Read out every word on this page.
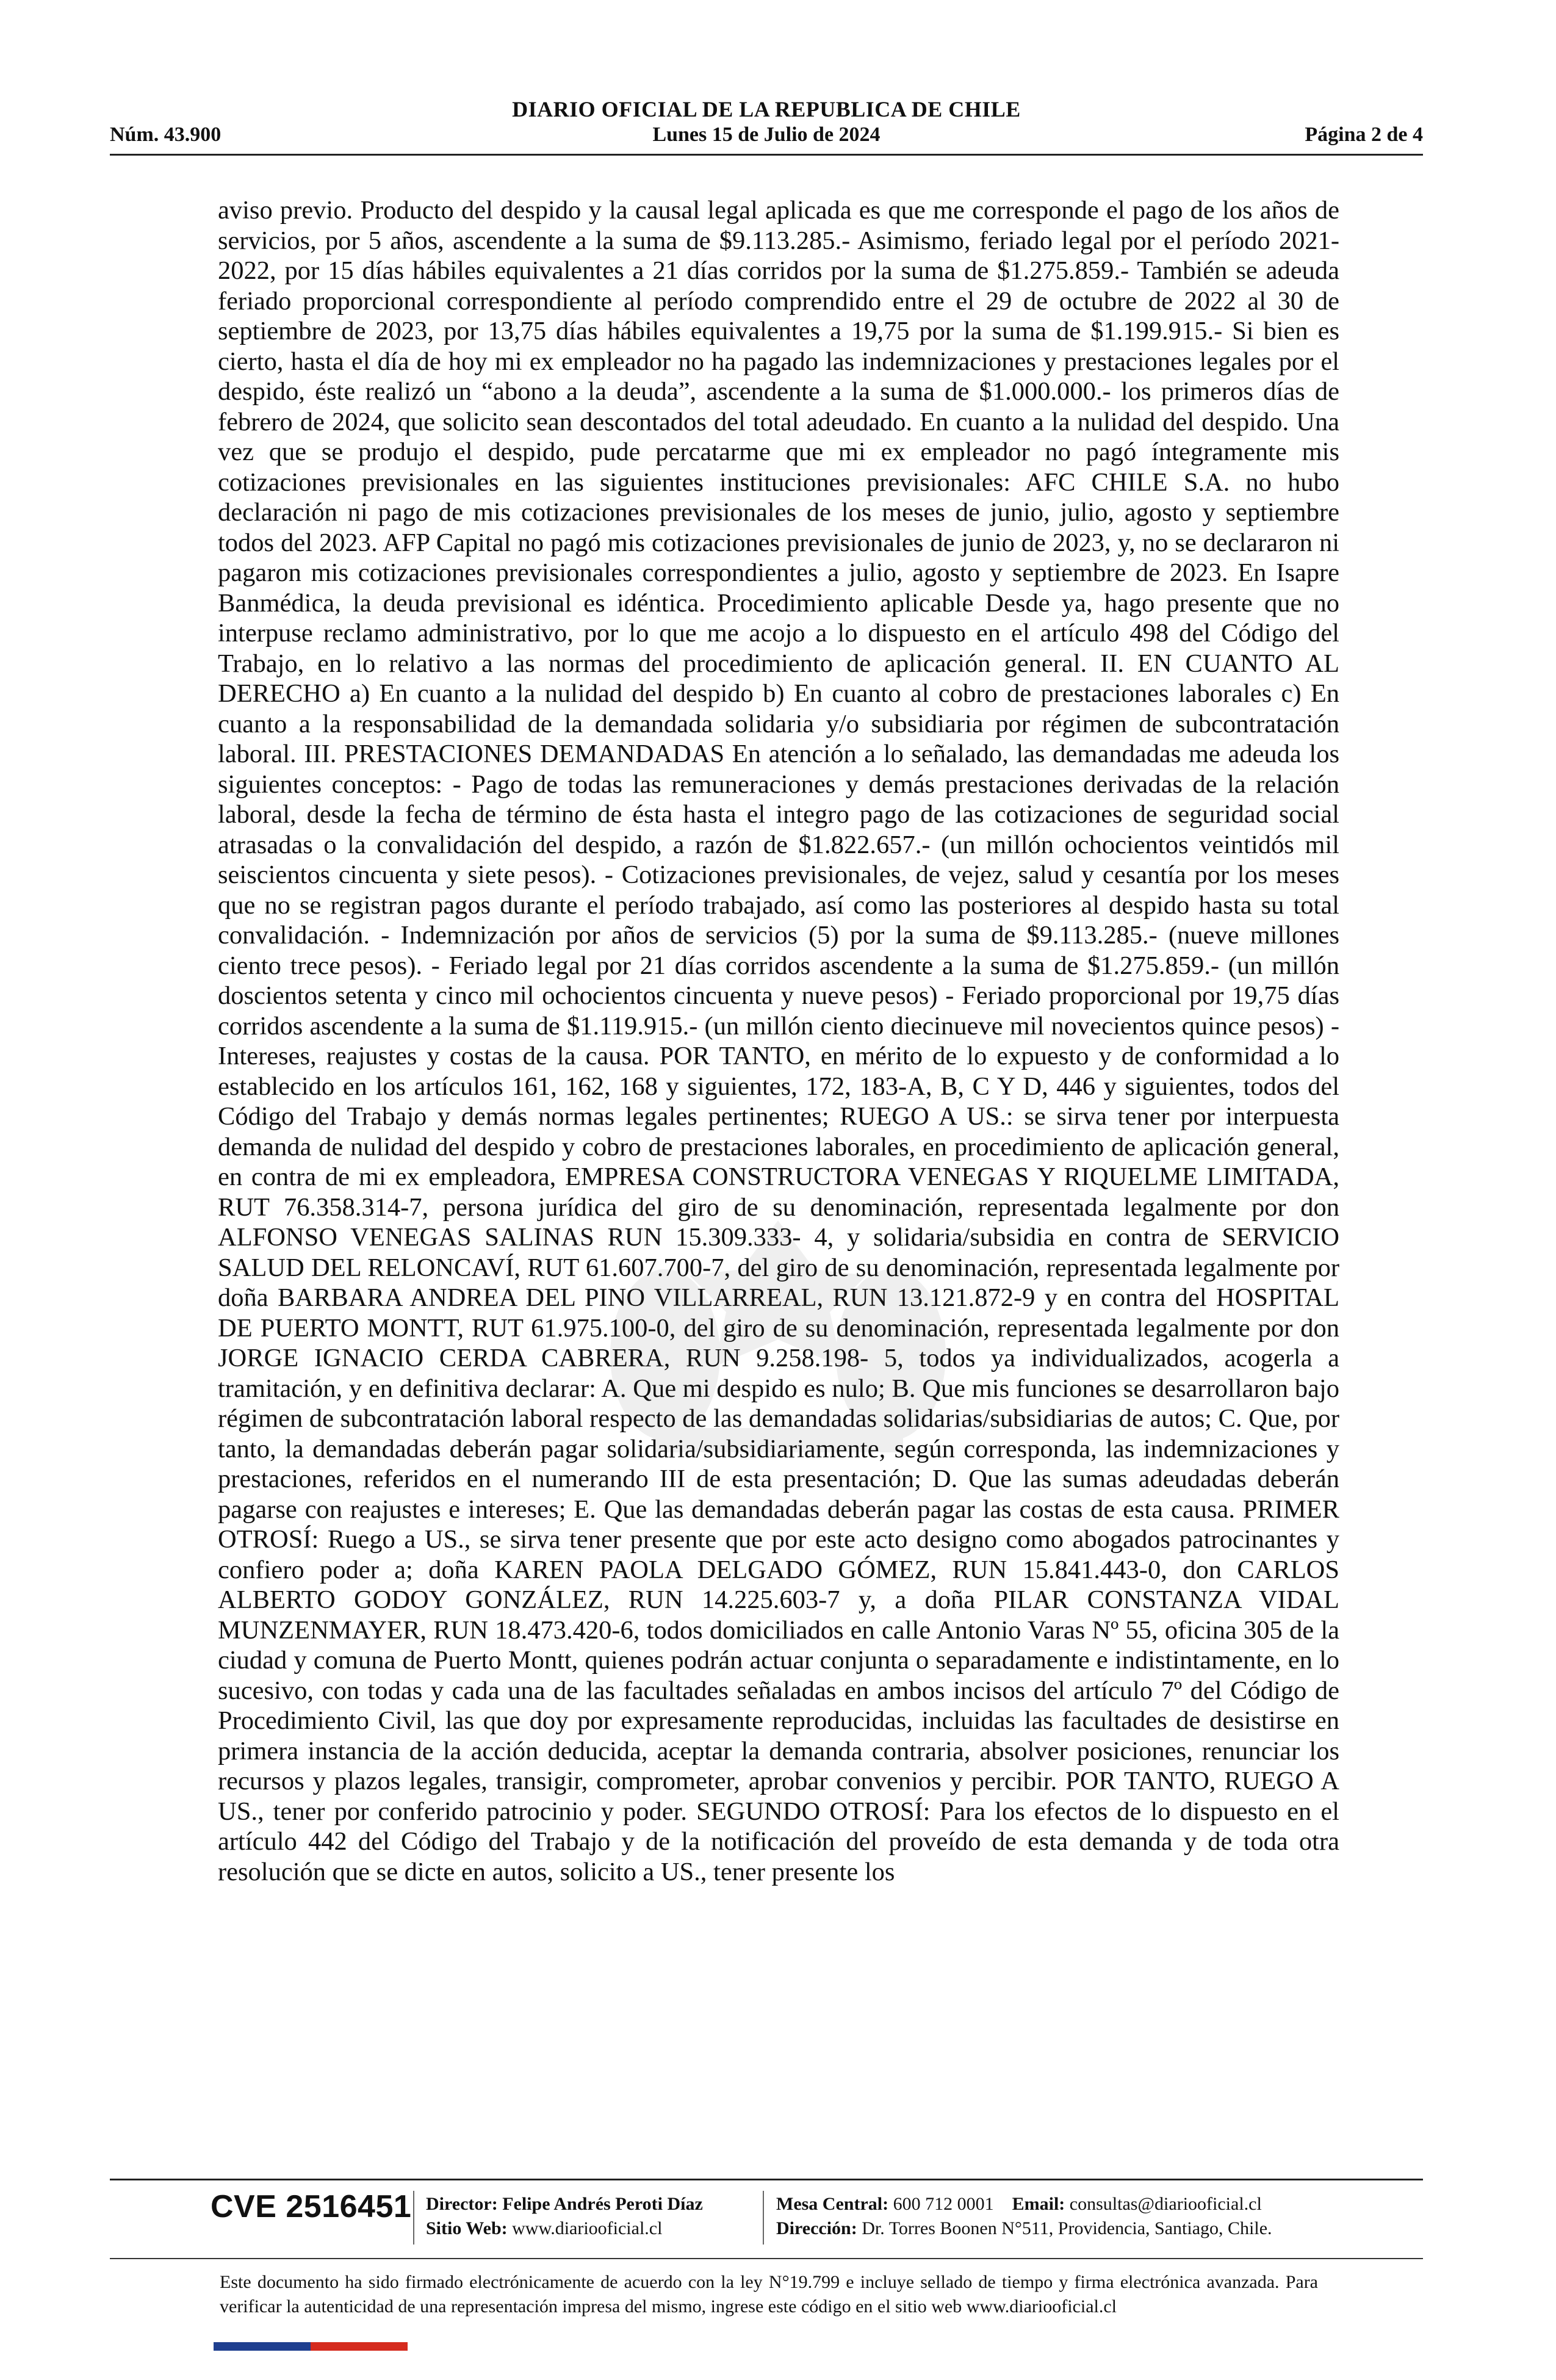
DIARIO OFICIAL DE LA REPUBLICA DE CHILE
Núm. 43.900	Lunes 15 de Julio de 2024	Página 2 de 4
aviso previo. Producto del despido y la causal legal aplicada es que me corresponde el pago de los años de servicios, por 5 años, ascendente a la suma de $9.113.285.- Asimismo, feriado legal por el período 2021-2022, por 15 días hábiles equivalentes a 21 días corridos por la suma de $1.275.859.- También se adeuda feriado proporcional correspondiente al período comprendido entre el 29 de octubre de 2022 al 30 de septiembre de 2023, por 13,75 días hábiles equivalentes a 19,75 por la suma de $1.199.915.- Si bien es cierto, hasta el día de hoy mi ex empleador no ha pagado las indemnizaciones y prestaciones legales por el despido, éste realizó un “abono a la deuda”, ascendente a la suma de $1.000.000.- los primeros días de febrero de 2024, que solicito sean descontados del total adeudado. En cuanto a la nulidad del despido. Una vez que se produjo el despido, pude percatarme que mi ex empleador no pagó íntegramente mis cotizaciones previsionales en las siguientes instituciones previsionales: AFC CHILE S.A. no hubo declaración ni pago de mis cotizaciones previsionales de los meses de junio, julio, agosto y septiembre todos del 2023. AFP Capital no pagó mis cotizaciones previsionales de junio de 2023, y, no se declararon ni pagaron mis cotizaciones previsionales correspondientes a julio, agosto y septiembre de 2023. En Isapre Banmédica, la deuda previsional es idéntica. Procedimiento aplicable Desde ya, hago presente que no interpuse reclamo administrativo, por lo que me acojo a lo dispuesto en el artículo 498 del Código del Trabajo, en lo relativo a las normas del procedimiento de aplicación general. II. EN CUANTO AL DERECHO a) En cuanto a la nulidad del despido b) En cuanto al cobro de prestaciones laborales c) En cuanto a la responsabilidad de la demandada solidaria y/o subsidiaria por régimen de subcontratación laboral. III. PRESTACIONES DEMANDADAS En atención a lo señalado, las demandadas me adeuda los siguientes conceptos: - Pago de todas las remuneraciones y demás prestaciones derivadas de la relación laboral, desde la fecha de término de ésta hasta el integro pago de las cotizaciones de seguridad social atrasadas o la convalidación del despido, a razón de $1.822.657.- (un millón ochocientos veintidós mil seiscientos cincuenta y siete pesos). - Cotizaciones previsionales, de vejez, salud y cesantía por los meses que no se registran pagos durante el período trabajado, así como las posteriores al despido hasta su total convalidación. - Indemnización por años de servicios (5) por la suma de $9.113.285.- (nueve millones ciento trece pesos). - Feriado legal por 21 días corridos ascendente a la suma de $1.275.859.- (un millón doscientos setenta y cinco mil ochocientos cincuenta y nueve pesos) - Feriado proporcional por 19,75 días corridos ascendente a la suma de $1.119.915.- (un millón ciento diecinueve mil novecientos quince pesos) - Intereses, reajustes y costas de la causa. POR TANTO, en mérito de lo expuesto y de conformidad a lo establecido en los artículos 161, 162, 168 y siguientes, 172, 183-A, B, C Y D, 446 y siguientes, todos del Código del Trabajo y demás normas legales pertinentes; RUEGO A US.: se sirva tener por interpuesta demanda de nulidad del despido y cobro de prestaciones laborales, en procedimiento de aplicación general, en contra de mi ex empleadora, EMPRESA CONSTRUCTORA VENEGAS Y RIQUELME LIMITADA, RUT 76.358.314-7, persona jurídica del giro de su denominación, representada legalmente por don ALFONSO VENEGAS SALINAS RUN 15.309.333- 4, y solidaria/subsidia en contra de SERVICIO SALUD DEL RELONCAVÍ, RUT 61.607.700-7, del giro de su denominación, representada legalmente por doña BARBARA ANDREA DEL PINO VILLARREAL, RUN 13.121.872-9 y en contra del HOSPITAL DE PUERTO MONTT, RUT 61.975.100-0, del giro de su denominación, representada legalmente por don JORGE IGNACIO CERDA CABRERA, RUN 9.258.198- 5, todos ya individualizados, acogerla a tramitación, y en definitiva declarar: A. Que mi despido es nulo; B. Que mis funciones se desarrollaron bajo régimen de subcontratación laboral respecto de las demandadas solidarias/subsidiarias de autos; C. Que, por tanto, la demandadas deberán pagar solidaria/subsidiariamente, según corresponda, las indemnizaciones y prestaciones, referidos en el numerando III de esta presentación; D. Que las sumas adeudadas deberán pagarse con reajustes e intereses; E. Que las demandadas deberán pagar las costas de esta causa. PRIMER OTROSÍ: Ruego a US., se sirva tener presente que por este acto designo como abogados patrocinantes y confiero poder a; doña KAREN PAOLA DELGADO GÓMEZ, RUN 15.841.443-0, don CARLOS ALBERTO GODOY GONZÁLEZ, RUN 14.225.603-7 y, a doña PILAR CONSTANZA VIDAL MUNZENMAYER, RUN 18.473.420-6, todos domiciliados en calle Antonio Varas Nº 55, oficina 305 de la ciudad y comuna de Puerto Montt, quienes podrán actuar conjunta o separadamente e indistintamente, en lo sucesivo, con todas y cada una de las facultades señaladas en ambos incisos del artículo 7º del Código de Procedimiento Civil, las que doy por expresamente reproducidas, incluidas las facultades de desistirse en primera instancia de la acción deducida, aceptar la demanda contraria, absolver posiciones, renunciar los recursos y plazos legales, transigir, comprometer, aprobar convenios y percibir. POR TANTO, RUEGO A US., tener por conferido patrocinio y poder. SEGUNDO OTROSÍ: Para los efectos de lo dispuesto en el artículo 442 del Código del Trabajo y de la notificación del proveído de esta demanda y de toda otra resolución que se dicte en autos, solicito a US., tener presente los
CVE 2516451 Director: Felipe Andrés Peroti Díaz
Sitio Web: www.diariooficial.cl
Mesa Central: 600 712 0001 Email: consultas@diariooficial.cl
Dirección: Dr. Torres Boonen N°511, Providencia, Santiago, Chile.
Este documento ha sido firmado electrónicamente de acuerdo con la ley N°19.799 e incluye sellado de tiempo y firma electrónica avanzada. Para verificar la autenticidad de una representación impresa del mismo, ingrese este código en el sitio web www.diariooficial.cl
